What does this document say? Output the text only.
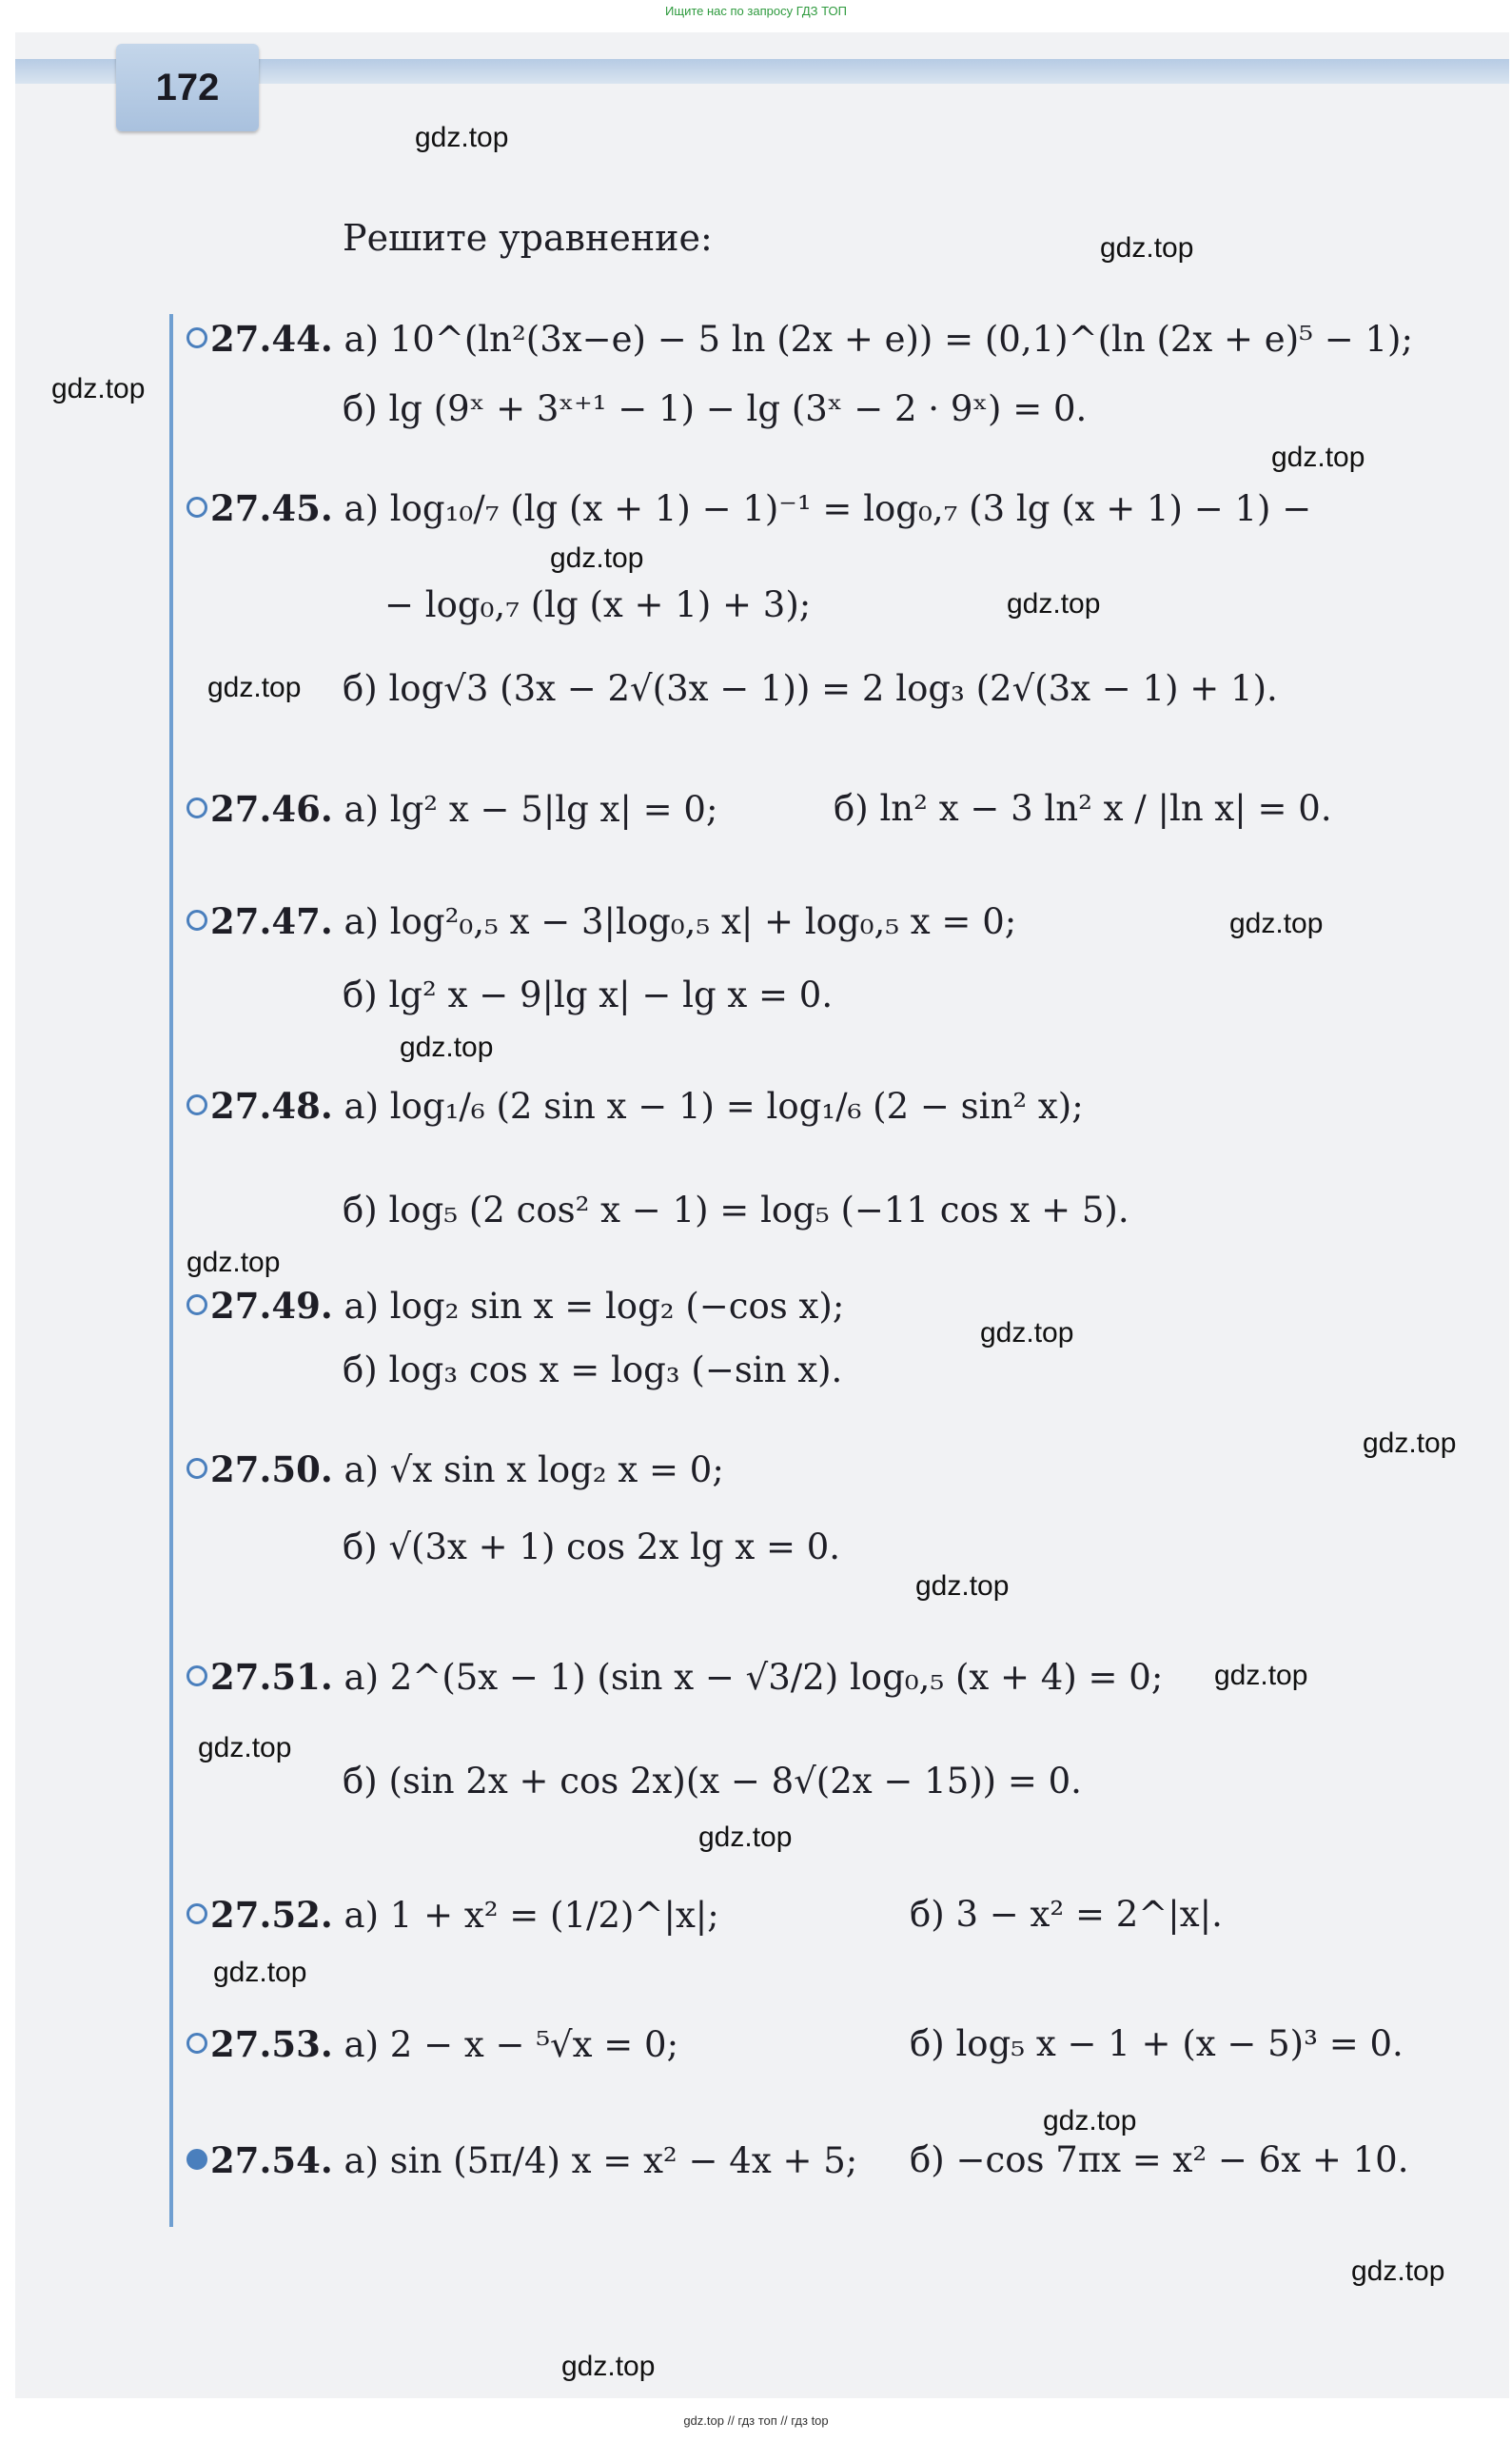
Ищите нас по запросу ГДЗ ТОП
172
Решите уравнение:
27.44. а) 10^(ln²(3x−e) − 5 ln (2x + e)) = (0,1)^(ln (2x + e)⁵ − 1);
б) lg (9ˣ + 3ˣ⁺¹ − 1) − lg (3ˣ − 2 · 9ˣ) = 0.
27.45. а) log₁₀/₇ (lg (x + 1) − 1)⁻¹ = log₀,₇ (3 lg (x + 1) − 1) −
− log₀,₇ (lg (x + 1) + 3);
б) log√3 (3x − 2√(3x − 1)) = 2 log₃ (2√(3x − 1) + 1).
27.46. а) lg² x − 5|lg x| = 0;	б) ln² x − 3 ln² x / |ln x| = 0.
27.47. а) log²₀,₅ x − 3|log₀,₅ x| + log₀,₅ x = 0;
б) lg² x − 9|lg x| − lg x = 0.
27.48. а) log₁/₆ (2 sin x − 1) = log₁/₆ (2 − sin² x);
б) log₅ (2 cos² x − 1) = log₅ (−11 cos x + 5).
27.49. а) log₂ sin x = log₂ (−cos x);
б) log₃ cos x = log₃ (−sin x).
27.50. а) √x sin x log₂ x = 0;
б) √(3x + 1) cos 2x lg x = 0.
27.51. а) 2^(5x − 1) (sin x − √3/2) log₀,₅ (x + 4) = 0;
б) (sin 2x + cos 2x)(x − 8√(2x − 15)) = 0.
27.52. а) 1 + x² = (1/2)^|x|;	б) 3 − x² = 2^|x|.
27.53. а) 2 − x − ⁵√x = 0;	б) log₅ x − 1 + (x − 5)³ = 0.
27.54. а) sin (5π/4) x = x² − 4x + 5; б) −cos 7πx = x² − 6x + 10.
gdz.top
gdz.top
gdz.top
gdz.top
gdz.top
gdz.top
gdz.top
gdz.top
gdz.top
gdz.top
gdz.top
gdz.top
gdz.top
gdz.top
gdz.top
gdz.top
gdz.top
gdz.top
gdz.top
gdz.top
gdz.top // гдз топ // гдз top
